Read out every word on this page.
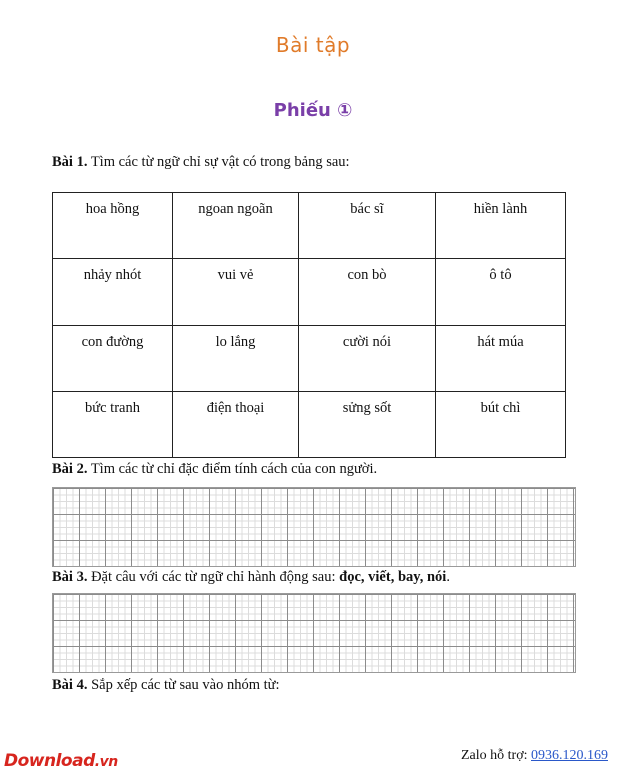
Bài tập
Phiếu ①
Bài 1. Tìm các từ ngữ chỉ sự vật có trong bảng sau:
hoa hồng	ngoan ngoãn	bác sĩ	hiền lành
nhảy nhót	vui vẻ	con bò	ô tô
con đường	lo lắng	cười nói	hát múa
bức tranh	điện thoại	sửng sốt	bút chì
Bài 2. Tìm các từ chỉ đặc điểm tính cách của con người.
Bài 3. Đặt câu với các từ ngữ chỉ hành động sau: đọc, viết, bay, nói.
Bài 4. Sắp xếp các từ sau vào nhóm từ:
Download.vn	Zalo hỗ trợ: 0936.120.169
